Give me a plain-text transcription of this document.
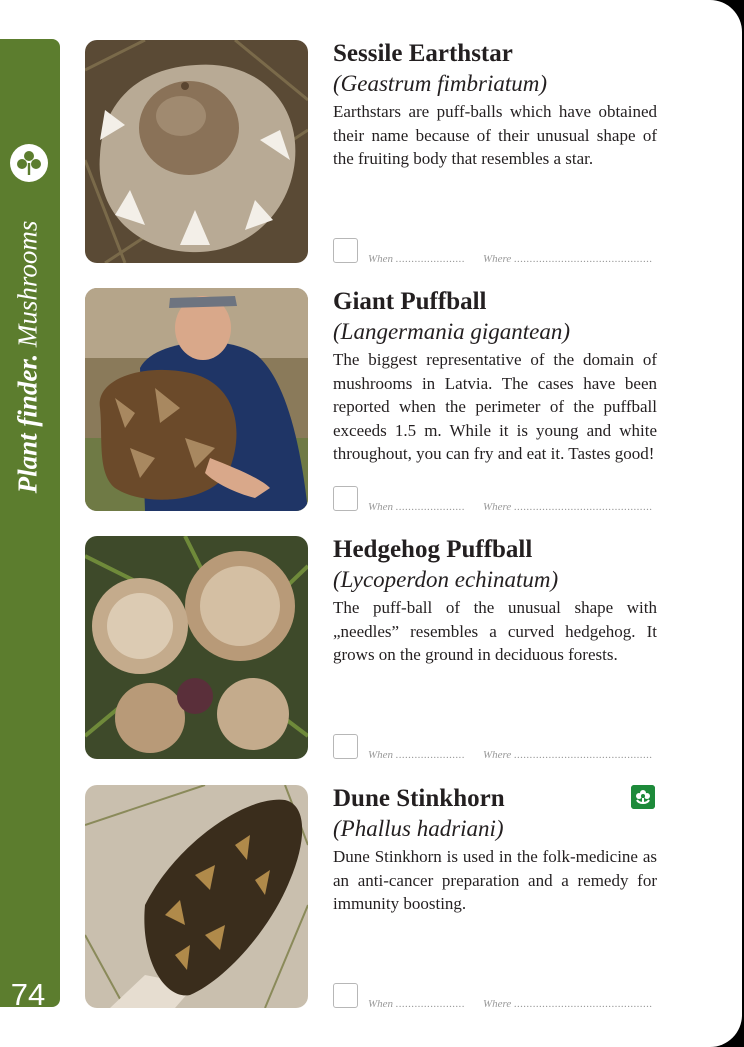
Plant finder. Mushrooms
74

Sessile Earthstar

(Geastrum fimbriatum)

Earthstars are puff-balls which have obtained their name because of their unusual shape of the fruiting body that resembles a star.

When ......................	Where ............................................

Giant Puffball

(Langermania gigantean)

The biggest representative of the domain of mushrooms in Latvia. The cases have been reported when the perimeter of the puffball exceeds 1.5 m. While it is young and white throughout, you can fry and eat it. Tastes good!

When ......................	Where ............................................

Hedgehog Puffball

(Lycoperdon echinatum)

The puff-ball of the unusual shape with „needles” resembles a curved hedgehog. It grows on the ground in deciduous forests.

When ......................	Where ............................................

Dune Stinkhorn

(Phallus hadriani)

Dune Stinkhorn is used in the folk-medicine as an anti-cancer preparation and a remedy for immunity boosting.

When ......................	Where ............................................
